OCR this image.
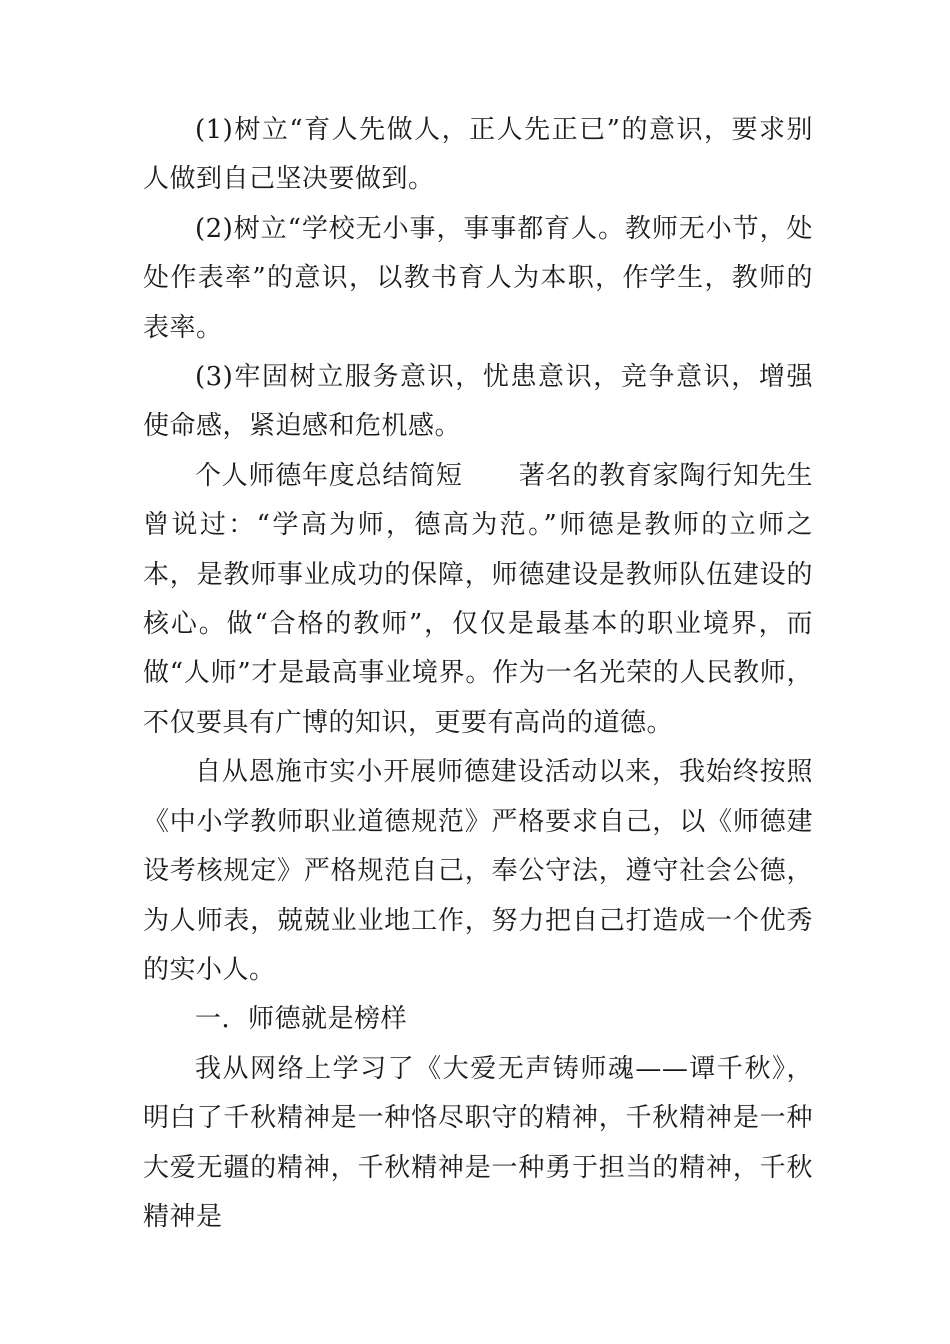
(1)树立“育人先做人，正人先正已”的意识，要求别人做到自己坚决要做到。

(2)树立“学校无小事，事事都育人。教师无小节，处处作表率”的意识，以教书育人为本职，作学生，教师的表率。

(3)牢固树立服务意识，忧患意识，竞争意识，增强使命感，紧迫感和危机感。

个人师德年度总结简短 著名的教育家陶行知先生曾说过：“学高为师，德高为范。”师德是教师的立师之本，是教师事业成功的保障，师德建设是教师队伍建设的核心。做“合格的教师”，仅仅是最基本的职业境界，而做“人师”才是最高事业境界。作为一名光荣的人民教师，不仅要具有广博的知识，更要有高尚的道德。

自从恩施市实小开展师德建设活动以来，我始终按照《中小学教师职业道德规范》严格要求自己，以《师德建设考核规定》严格规范自己，奉公守法，遵守社会公德，为人师表，兢兢业业地工作，努力把自己打造成一个优秀的实小人。

一．师德就是榜样

我从网络上学习了《大爱无声铸师魂——谭千秋》，明白了千秋精神是一种恪尽职守的精神，千秋精神是一种大爱无疆的精神，千秋精神是一种勇于担当的精神，千秋精神是
